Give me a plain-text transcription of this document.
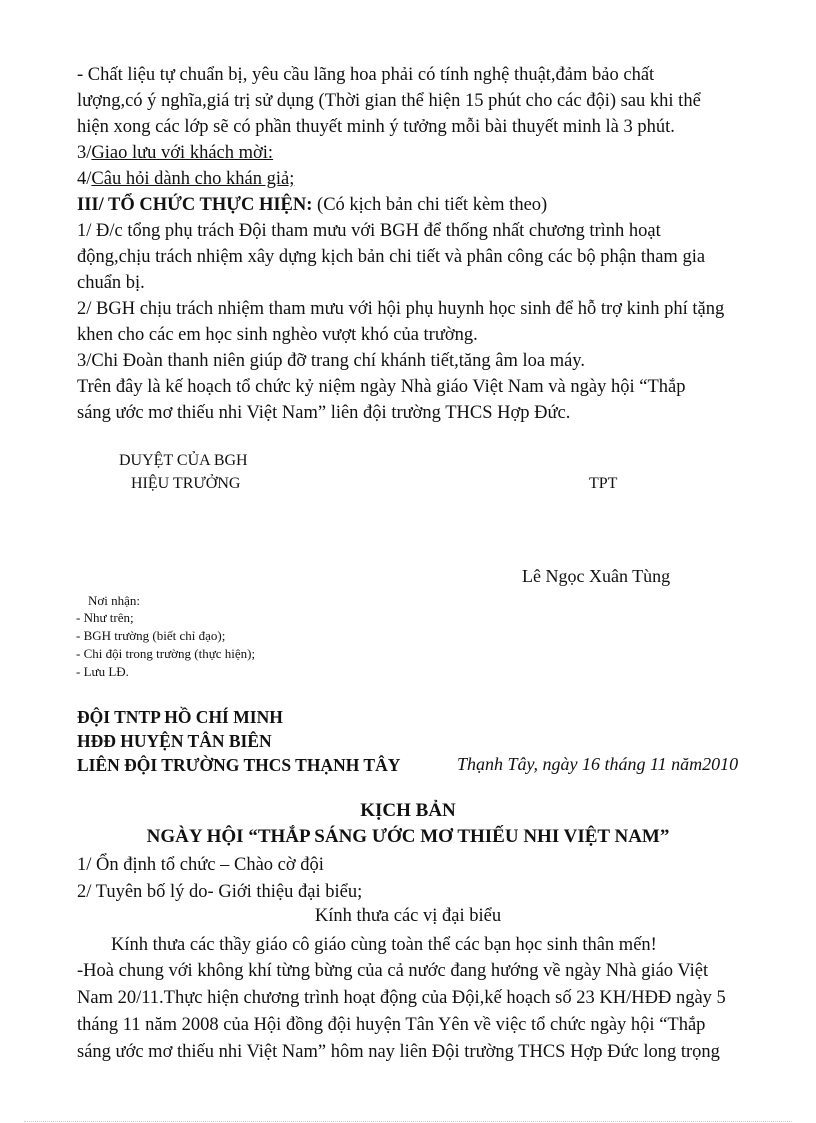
- Chất liệu tự chuẩn bị, yêu cầu lãng hoa phải có tính nghệ thuật,đảm bảo chất
lượng,có ý nghĩa,giá trị sử dụng (Thời gian thể hiện 15 phút cho các đội) sau khi thể
hiện xong các lớp sẽ có phần thuyết minh ý tưởng mỗi bài thuyết minh là 3 phút.
3/Giao lưu với khách mời:
4/Câu hỏi dành cho khán giả;
III/ TỔ CHỨC THỰC HIỆN: (Có kịch bản chi tiết kèm theo)
1/ Đ/c tổng phụ trách Đội tham mưu với BGH để thống nhất chương trình hoạt
động,chịu trách nhiệm xây dựng kịch bản chi tiết và phân công các bộ phận tham gia
chuẩn bị.
2/ BGH chịu trách nhiệm tham mưu với hội phụ huynh học sinh để hỗ trợ kinh phí tặng
khen cho các em học sinh nghèo vượt khó của trường.
3/Chi Đoàn thanh niên giúp đỡ trang chí khánh tiết,tăng âm loa máy.
Trên đây là kế hoạch tổ chức kỷ niệm ngày Nhà giáo Việt Nam và ngày hội “Thắp
sáng ước mơ thiếu nhi Việt Nam” liên đội trường THCS Hợp Đức.
DUYỆT CỦA BGH
HIỆU TRƯỞNG	TPT
Lê Ngọc Xuân Tùng
Nơi nhận:
- Như trên;
- BGH trường (biết chỉ đạo);
- Chi đội trong trường (thực hiện);
- Lưu LĐ.
ĐỘI TNTP HỒ CHÍ MINH
HĐĐ HUYỆN TÂN BIÊN
LIÊN ĐỘI TRƯỜNG THCS THẠNH TÂY	Thạnh Tây, ngày 16 tháng 11 năm2010
KỊCH BẢN
NGÀY HỘI “THẮP SÁNG ƯỚC MƠ THIẾU NHI VIỆT NAM”
1/ Ổn định tổ chức – Chào cờ đội
2/ Tuyên bố lý do- Giới thiệu đại biểu;
Kính thưa các vị đại biểu
Kính thưa các thầy giáo cô giáo cùng toàn thể các bạn học sinh thân mến!
-Hoà chung với không khí từng bừng của cả nước đang hướng về ngày Nhà giáo Việt
Nam 20/11.Thực hiện chương trình hoạt động của Đội,kế hoạch số 23 KH/HĐĐ ngày 5
tháng 11 năm 2008 của Hội đồng đội huyện Tân Yên về việc tổ chức ngày hội “Thắp
sáng ước mơ thiếu nhi Việt Nam” hôm nay liên Đội trường THCS Hợp Đức long trọng
